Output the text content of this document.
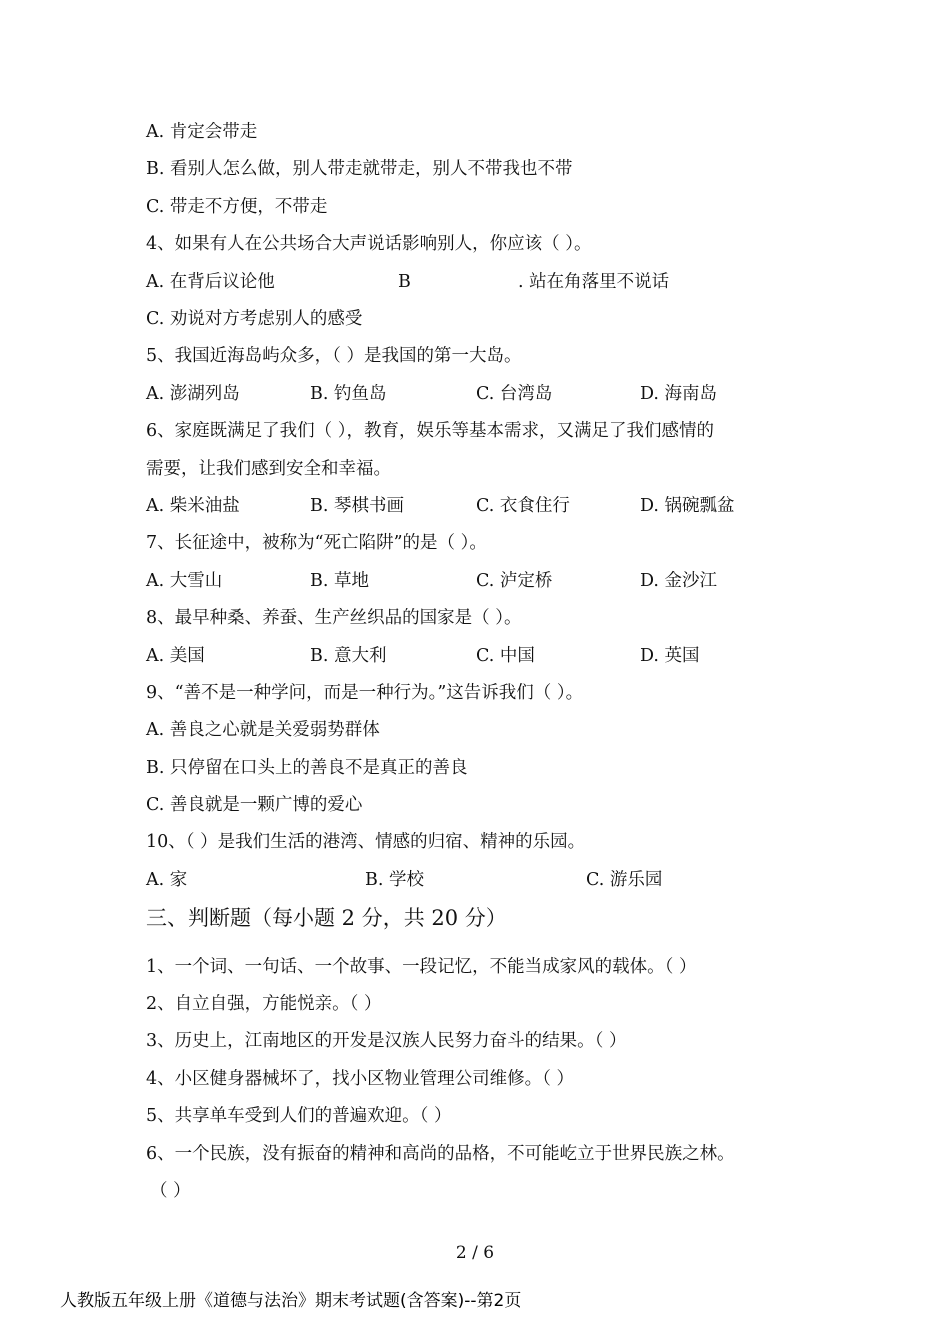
A. 肯定会带走
B. 看别人怎么做，别人带走就带走，别人不带我也不带
C. 带走不方便，不带走
4、如果有人在公共场合大声说话影响别人，你应该（ ）。
A. 在背后议论他	B	. 站在角落里不说话
C. 劝说对方考虑别人的感受
5、我国近海岛屿众多，（ ）是我国的第一大岛。
A. 澎湖列岛	B. 钓鱼岛	C. 台湾岛	D. 海南岛
6、家庭既满足了我们（ ），教育，娱乐等基本需求，又满足了我们感情的
需要，让我们感到安全和幸福。
A. 柴米油盐	B. 琴棋书画	C. 衣食住行	D. 锅碗瓢盆
7、长征途中，被称为“死亡陷阱”的是（ ）。
A. 大雪山	B. 草地	C. 泸定桥	D. 金沙江
8、最早种桑、养蚕、生产丝织品的国家是（ ）。
A. 美国	B. 意大利	C. 中国	D. 英国
9、“善不是一种学问，而是一种行为。”这告诉我们（ ）。
A. 善良之心就是关爱弱势群体
B. 只停留在口头上的善良不是真正的善良
C. 善良就是一颗广博的爱心
10、（ ）是我们生活的港湾、情感的归宿、精神的乐园。
A. 家	B. 学校	C. 游乐园
三、判断题（每小题 2 分，共 20 分）
1、一个词、一句话、一个故事、一段记忆，不能当成家风的载体。（ ）
2、自立自强，方能悦亲。（ ）
3、历史上，江南地区的开发是汉族人民努力奋斗的结果。（ ）
4、小区健身器械坏了，找小区物业管理公司维修。（ ）
5、共享单车受到人们的普遍欢迎。（ ）
6、一个民族，没有振奋的精神和高尚的品格，不可能屹立于世界民族之林。
（ ）
2 / 6
人教版五年级上册《道德与法治》期末考试题(含答案)--第2页
